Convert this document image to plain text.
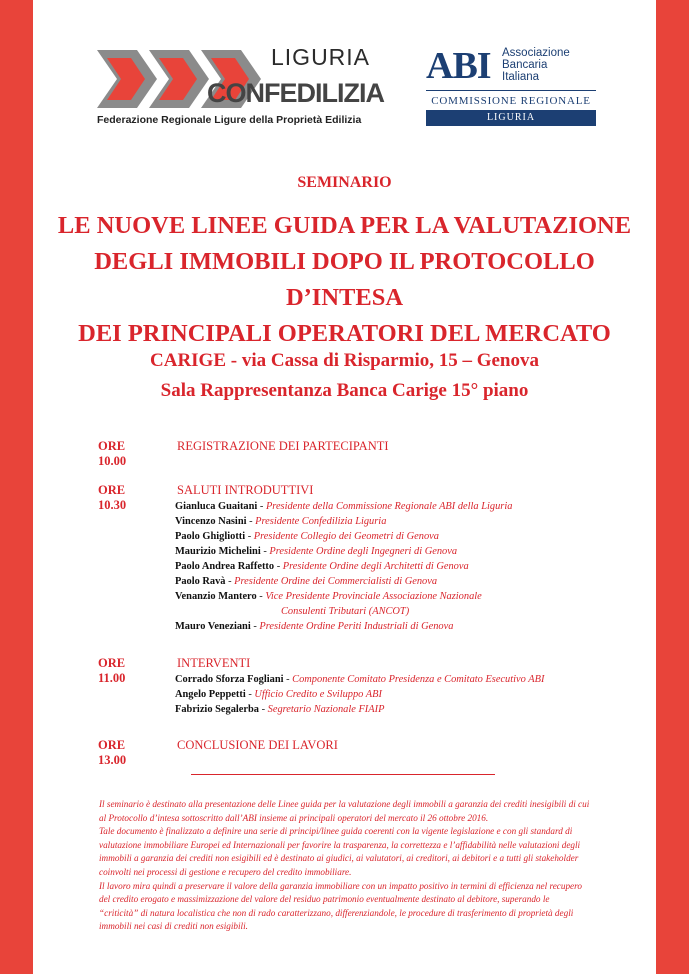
LIGURIA
CONFEDILIZIA
Federazione Regionale Ligure della Proprietà Edilizia
ABI Associazione
Bancaria
Italiana
COMMISSIONE REGIONALE
LIGURIA
SEMINARIO
LE NUOVE LINEE GUIDA PER LA VALUTAZIONE
DEGLI IMMOBILI DOPO IL PROTOCOLLO D’INTESA
DEI PRINCIPALI OPERATORI DEL MERCATO
CARIGE - via Cassa di Risparmio, 15 – Genova
Sala Rappresentanza Banca Carige 15° piano
ORE 10.00
REGISTRAZIONE DEI PARTECIPANTI
ORE 10.30
SALUTI INTRODUTTIVI
Gianluca Guaitani - Presidente della Commissione Regionale ABI della Liguria
Vincenzo Nasini - Presidente Confedilizia Liguria
Paolo Ghigliotti - Presidente Collegio dei Geometri di Genova
Maurizio Michelini - Presidente Ordine degli Ingegneri di Genova
Paolo Andrea Raffetto - Presidente Ordine degli Architetti di Genova
Paolo Ravà - Presidente Ordine dei Commercialisti di Genova
Venanzio Mantero - Vice Presidente Provinciale Associazione Nazionale
Consulenti Tributari (ANCOT)
Mauro Veneziani - Presidente Ordine Periti Industriali di Genova
ORE 11.00
INTERVENTI
Corrado Sforza Fogliani - Componente Comitato Presidenza e Comitato Esecutivo ABI
Angelo Peppetti - Ufficio Credito e Sviluppo ABI
Fabrizio Segalerba - Segretario Nazionale FIAIP
ORE 13.00
CONCLUSIONE DEI LAVORI

Il seminario è destinato alla presentazione delle Linee guida per la valutazione degli immobili a garanzia dei crediti inesigibili di cui al Protocollo d’intesa sottoscritto dall’ABI insieme ai principali operatori del mercato il 26 ottobre 2016.

Tale documento è finalizzato a definire una serie di principi/linee guida coerenti con la vigente legislazione e con gli standard di valutazione immobiliare Europei ed Internazionali per favorire la trasparenza, la correttezza e l’affidabilità nelle valutazioni degli immobili a garanzia dei crediti non esigibili ed è destinato ai giudici, ai valutatori, ai creditori, ai debitori e a tutti gli stakeholder coinvolti nei processi di gestione e recupero del credito immobiliare.

Il lavoro mira quindi a preservare il valore della garanzia immobiliare con un impatto positivo in termini di efficienza nel recupero del credito erogato e massimizzazione del valore del residuo patrimonio eventualmente destinato al debitore, superando le “criticità” di natura localistica che non di rado caratterizzano, differenziandole, le procedure di trasferimento di proprietà degli immobili nei casi di crediti non esigibili.
